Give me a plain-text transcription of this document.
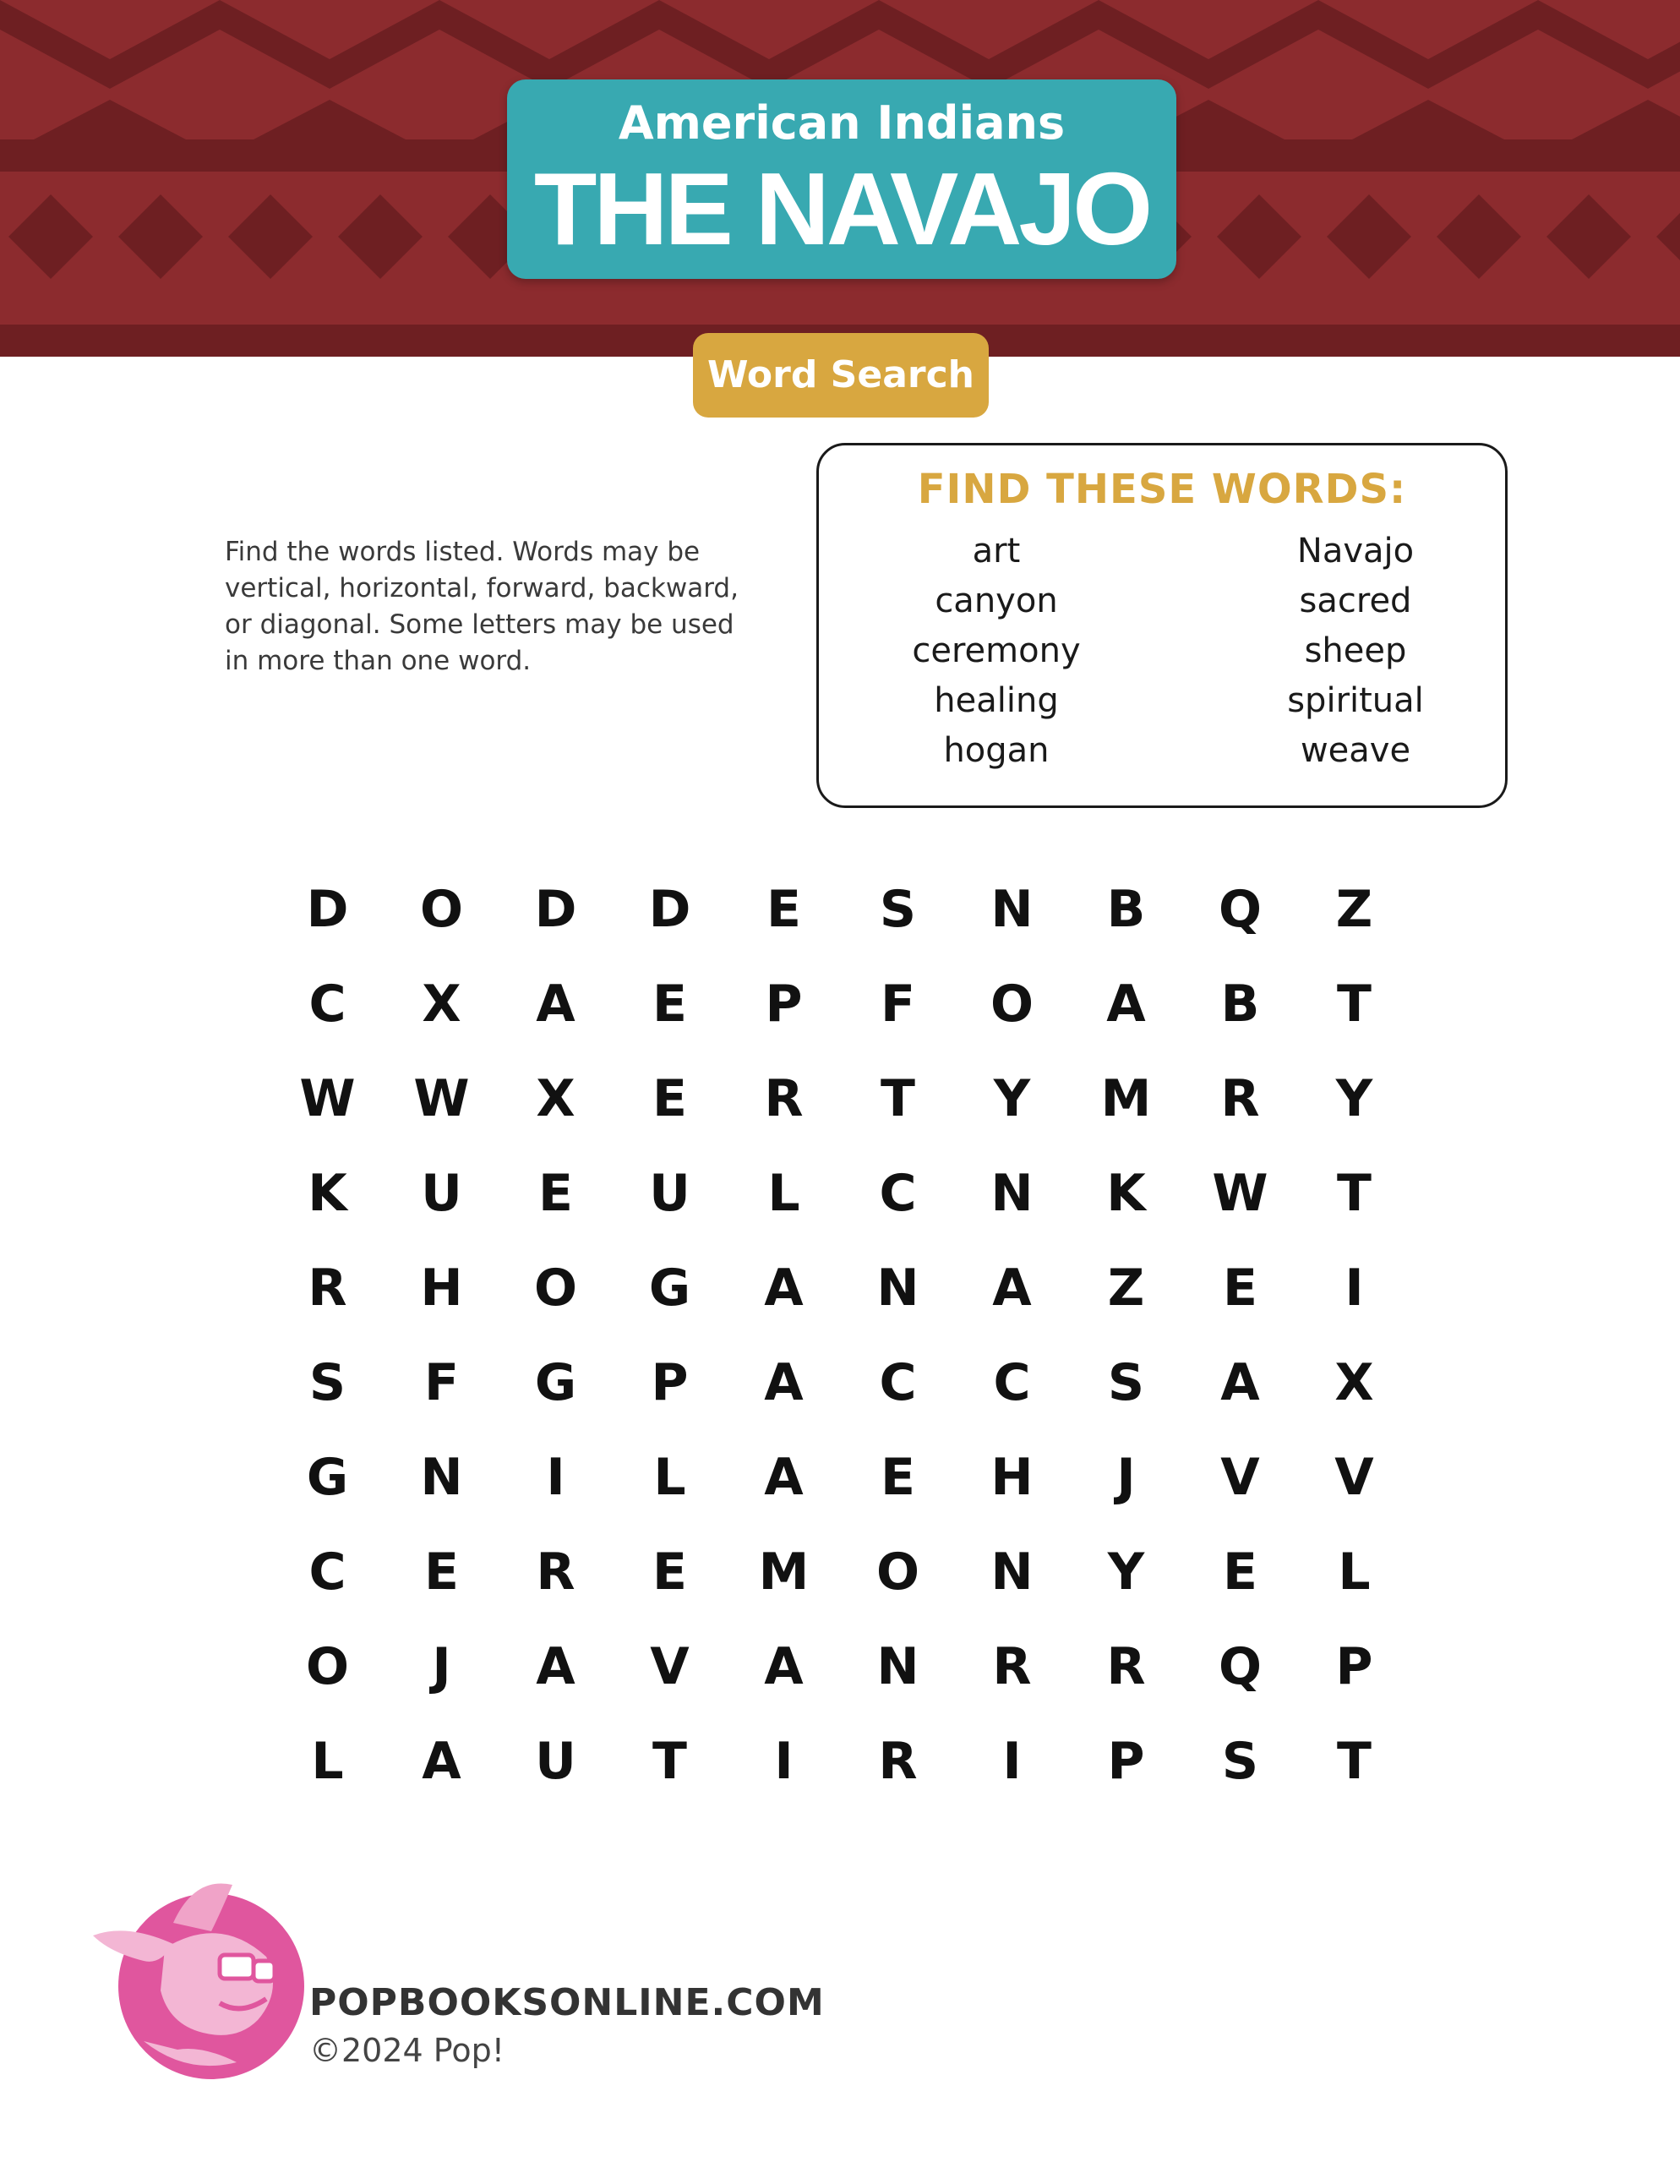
American Indians
THE NAVAJO
Word Search

Find the words listed. Words may be vertical, horizontal, forward, backward, or diagonal. Some letters may be used in more than one word.

FIND THESE WORDS:
art
canyon
ceremony
healing
hogan
Navajo
sacred
sheep
spiritual
weave
D	O	D	D	E	S	N	B	Q	Z
C	X	A	E	P	F	O	A	B	T
W	W	X	E	R	T	Y	M	R	Y
K	U	E	U	L	C	N	K	W	T
R	H	O	G	A	N	A	Z	E	I
S	F	G	P	A	C	C	S	A	X
G	N	I	L	A	E	H	J	V	V
C	E	R	E	M	O	N	Y	E	L
O	J	A	V	A	N	R	R	Q	P
L	A	U	T	I	R	I	P	S	T
POPBOOKSONLINE.COM
©2024 Pop!
